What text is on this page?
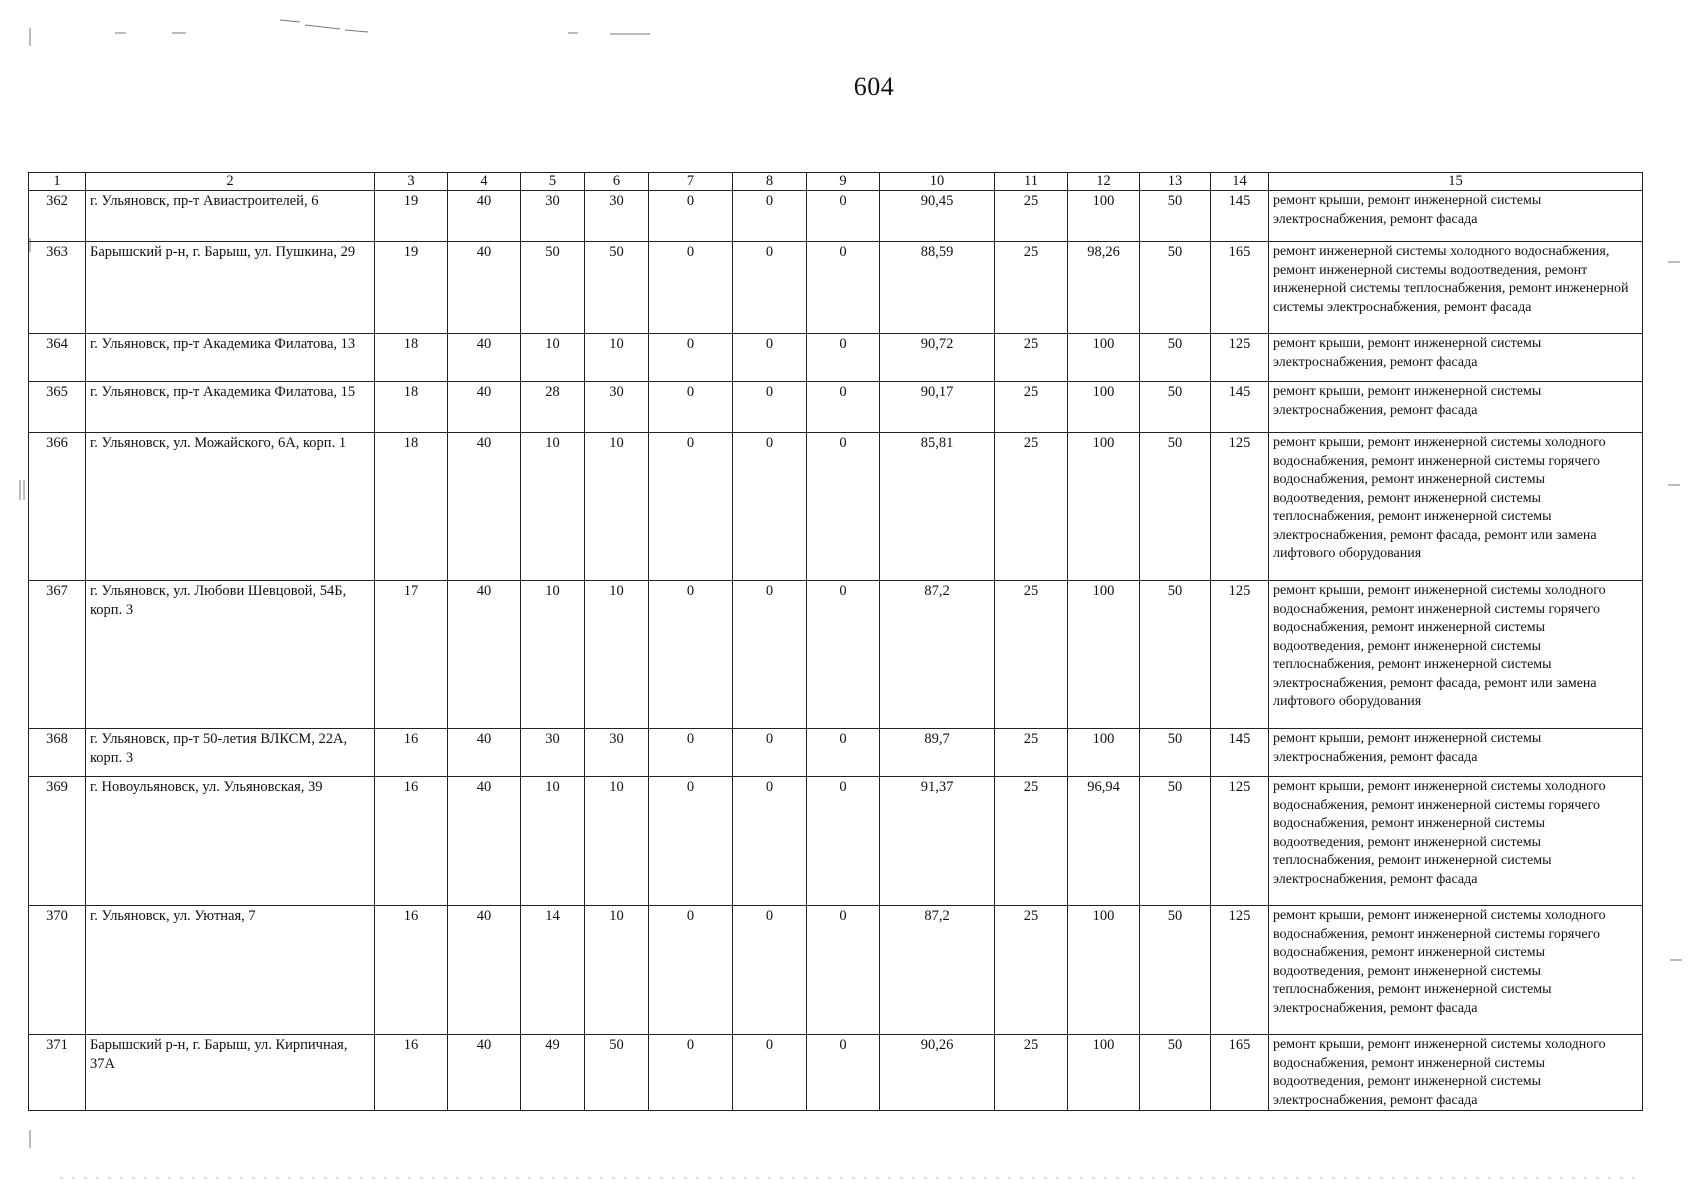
604
1	2	3	4	5	6	7	8	9	10	11	12	13	14	15
362	г. Ульяновск, пр-т Авиастроителей, 6	19	40	30	30	0	0	0	90,45	25	100	50	145	ремонт крыши, ремонт инженерной системы электроснабжения, ремонт фасада
363	Барышский р-н, г. Барыш, ул. Пушкина, 29	19	40	50	50	0	0	0	88,59	25	98,26	50	165	ремонт инженерной системы холодного водоснабжения, ремонт инженерной системы водоотведения, ремонт инженерной системы теплоснабжения, ремонт инженерной системы электроснабжения, ремонт фасада
364	г. Ульяновск, пр-т Академика Филатова, 13	18	40	10	10	0	0	0	90,72	25	100	50	125	ремонт крыши, ремонт инженерной системы электроснабжения, ремонт фасада
365	г. Ульяновск, пр-т Академика Филатова, 15	18	40	28	30	0	0	0	90,17	25	100	50	145	ремонт крыши, ремонт инженерной системы электроснабжения, ремонт фасада
366	г. Ульяновск, ул. Можайского, 6А, корп. 1	18	40	10	10	0	0	0	85,81	25	100	50	125	ремонт крыши, ремонт инженерной системы холодного водоснабжения, ремонт инженерной системы горячего водоснабжения, ремонт инженерной системы водоотведения, ремонт инженерной системы теплоснабжения, ремонт инженерной системы электроснабжения, ремонт фасада, ремонт или замена лифтового оборудования
367	г. Ульяновск, ул. Любови Шевцовой, 54Б, корп. 3	17	40	10	10	0	0	0	87,2	25	100	50	125	ремонт крыши, ремонт инженерной системы холодного водоснабжения, ремонт инженерной системы горячего водоснабжения, ремонт инженерной системы водоотведения, ремонт инженерной системы теплоснабжения, ремонт инженерной системы электроснабжения, ремонт фасада, ремонт или замена лифтового оборудования
368	г. Ульяновск, пр-т 50-летия ВЛКСМ, 22А, корп. 3	16	40	30	30	0	0	0	89,7	25	100	50	145	ремонт крыши, ремонт инженерной системы электроснабжения, ремонт фасада
369	г. Новоульяновск, ул. Ульяновская, 39	16	40	10	10	0	0	0	91,37	25	96,94	50	125	ремонт крыши, ремонт инженерной системы холодного водоснабжения, ремонт инженерной системы горячего водоснабжения, ремонт инженерной системы водоотведения, ремонт инженерной системы теплоснабжения, ремонт инженерной системы электроснабжения, ремонт фасада
370	г. Ульяновск, ул. Уютная, 7	16	40	14	10	0	0	0	87,2	25	100	50	125	ремонт крыши, ремонт инженерной системы холодного водоснабжения, ремонт инженерной системы горячего водоснабжения, ремонт инженерной системы водоотведения, ремонт инженерной системы теплоснабжения, ремонт инженерной системы электроснабжения, ремонт фасада
371	Барышский р-н, г. Барыш, ул. Кирпичная, 37А	16	40	49	50	0	0	0	90,26	25	100	50	165	ремонт крыши, ремонт инженерной системы холодного водоснабжения, ремонт инженерной системы водоотведения, ремонт инженерной системы электроснабжения, ремонт фасада
